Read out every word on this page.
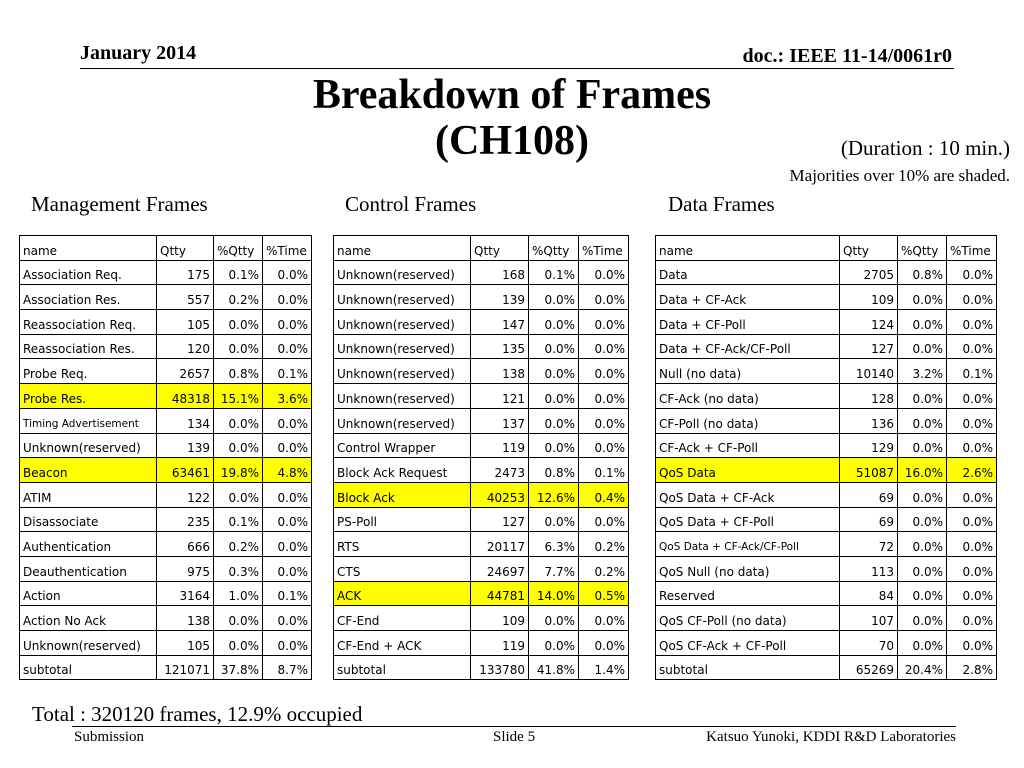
January 2014	doc.: IEEE 11-14/0061r0
Breakdown of Frames
(CH108)	(Duration : 10 min.)
Majorities over 10% are shaded.
Management Frames	Control Frames	Data Frames
name	Qtty	%Qtty	%Time
Association Req.	175	0.1%	0.0%
Association Res.	557	0.2%	0.0%
Reassociation Req.	105	0.0%	0.0%
Reassociation Res.	120	0.0%	0.0%
Probe Req.	2657	0.8%	0.1%
Probe Res.	48318	15.1%	3.6%
Timing Advertisement	134	0.0%	0.0%
Unknown(reserved)	139	0.0%	0.0%
Beacon	63461	19.8%	4.8%
ATIM	122	0.0%	0.0%
Disassociate	235	0.1%	0.0%
Authentication	666	0.2%	0.0%
Deauthentication	975	0.3%	0.0%
Action	3164	1.0%	0.1%
Action No Ack	138	0.0%	0.0%
Unknown(reserved)	105	0.0%	0.0%
subtotal	121071	37.8%	8.7%
name	Qtty	%Qtty	%Time
Unknown(reserved)	168	0.1%	0.0%
Unknown(reserved)	139	0.0%	0.0%
Unknown(reserved)	147	0.0%	0.0%
Unknown(reserved)	135	0.0%	0.0%
Unknown(reserved)	138	0.0%	0.0%
Unknown(reserved)	121	0.0%	0.0%
Unknown(reserved)	137	0.0%	0.0%
Control Wrapper	119	0.0%	0.0%
Block Ack Request	2473	0.8%	0.1%
Block Ack	40253	12.6%	0.4%
PS-Poll	127	0.0%	0.0%
RTS	20117	6.3%	0.2%
CTS	24697	7.7%	0.2%
ACK	44781	14.0%	0.5%
CF-End	109	0.0%	0.0%
CF-End + ACK	119	0.0%	0.0%
subtotal	133780	41.8%	1.4%
name	Qtty	%Qtty	%Time
Data	2705	0.8%	0.0%
Data + CF-Ack	109	0.0%	0.0%
Data + CF-Poll	124	0.0%	0.0%
Data + CF-Ack/CF-Poll	127	0.0%	0.0%
Null (no data)	10140	3.2%	0.1%
CF-Ack (no data)	128	0.0%	0.0%
CF-Poll (no data)	136	0.0%	0.0%
CF-Ack + CF-Poll	129	0.0%	0.0%
QoS Data	51087	16.0%	2.6%
QoS Data + CF-Ack	69	0.0%	0.0%
QoS Data + CF-Poll	69	0.0%	0.0%
QoS Data + CF-Ack/CF-Poll	72	0.0%	0.0%
QoS Null (no data)	113	0.0%	0.0%
Reserved	84	0.0%	0.0%
QoS CF-Poll (no data)	107	0.0%	0.0%
QoS CF-Ack + CF-Poll	70	0.0%	0.0%
subtotal	65269	20.4%	2.8%
Total : 320120 frames, 12.9% occupied
Submission	Slide 5	Katsuo Yunoki, KDDI R&D Laboratories
